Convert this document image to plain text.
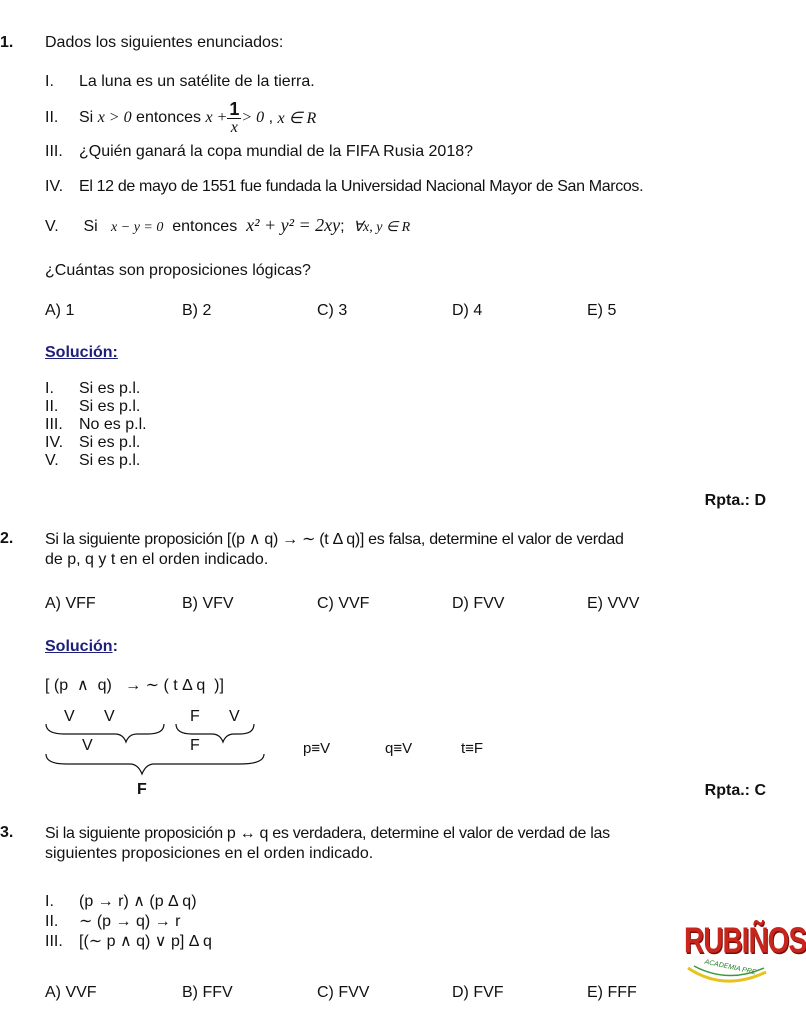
1. Dados los siguientes enunciados:
I. La luna es un satélite de la tierra.
II.	Si
x > 0
entonces
$x + \frac{1}{x} > 0$
,
x ∈ R
III. ¿Quién ganará la copa mundial de la FIFA Rusia 2018?
IV. El 12 de mayo de 1551 fue fundada la Universidad Nacional Mayor de San Marcos.
V. Si x − y = 0 entonces x² + y² = 2xy; ∀x, y ∈ R
¿Cuántas son proposiciones lógicas?
A) 1	B) 2	C) 3	D) 4	E) 5
Solución:
I. Si es p.l.
II. Si es p.l.
III. No es p.l.
IV. Si es p.l.
V. Si es p.l.
Rpta.: D
2. Si la siguiente proposición [(p ∧ q) → ∼ (t Δ q)] es falsa, determine el valor de verdad
de p, q y t en el orden indicado.
A) VFF	B) VFV	C) VVF	D) FVV	E) VVV
Solución:
[ (p  ∧  q)   → ∼ ( t Δ q  )]
V V	F V
V	F	p≡V	q≡V	t≡F
F	Rpta.: C
3. Si la siguiente proposición p ↔ q es verdadera, determine el valor de verdad de las
siguientes proposiciones en el orden indicado.
I. (p → r) ∧ (p Δ q)
II. ∼ (p → q) → r
III. [(∼ p ∧ q) ∨ p] Δ q
A) VVF	B) FFV	C) FVV	D) FVF	E) FFF
RUBIÑOS
ACADEMIA PRE
